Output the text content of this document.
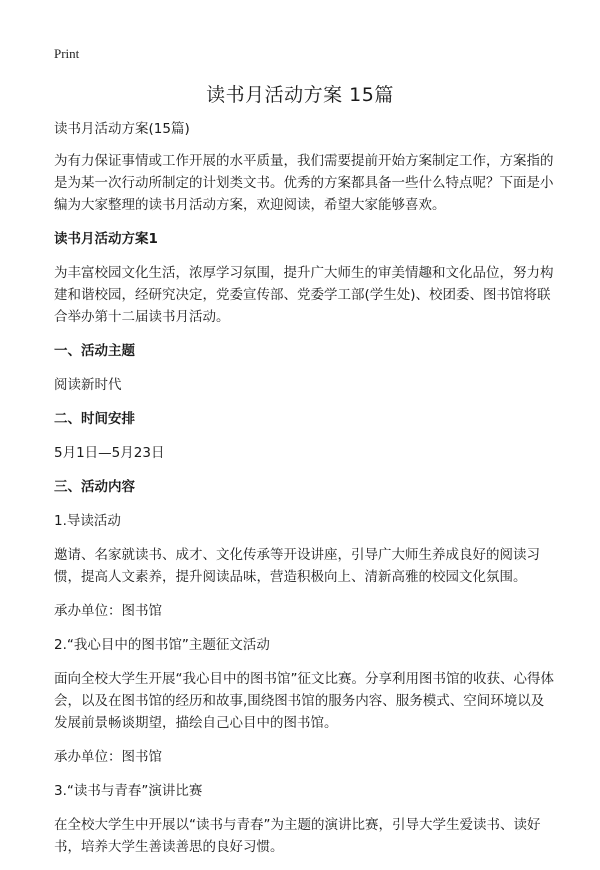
Print
读书月活动方案 15篇

读书月活动方案(15篇)

为有力保证事情或工作开展的水平质量，我们需要提前开始方案制定工作，方案指的是为某一次行动所制定的计划类文书。优秀的方案都具备一些什么特点呢？下面是小编为大家整理的读书月活动方案，欢迎阅读，希望大家能够喜欢。

读书月活动方案1

为丰富校园文化生活，浓厚学习氛围，提升广大师生的审美情趣和文化品位，努力构建和谐校园，经研究决定，党委宣传部、党委学工部(学生处)、校团委、图书馆将联合举办第十二届读书月活动。

一、活动主题

阅读新时代

二、时间安排

5月1日—5月23日

三、活动内容

1.导读活动

邀请、名家就读书、成才、文化传承等开设讲座，引导广大师生养成良好的阅读习惯，提高人文素养，提升阅读品味，营造积极向上、清新高雅的校园文化氛围。

承办单位：图书馆

2.“我心目中的图书馆”主题征文活动

面向全校大学生开展“我心目中的图书馆”征文比赛。分享利用图书馆的收获、心得体会，以及在图书馆的经历和故事,围绕图书馆的服务内容、服务模式、空间环境以及发展前景畅谈期望，描绘自己心目中的图书馆。

承办单位：图书馆

3.“读书与青春”演讲比赛

在全校大学生中开展以“读书与青春”为主题的演讲比赛，引导大学生爱读书、读好书，培养大学生善读善思的良好习惯。
